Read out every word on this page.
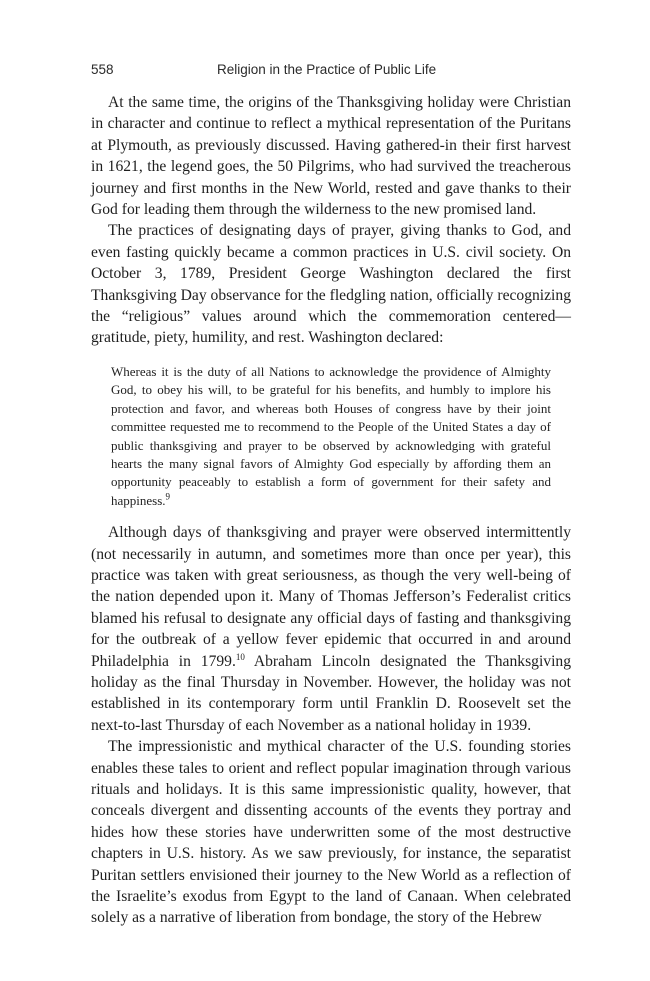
558	Religion in the Practice of Public Life

At the same time, the origins of the Thanksgiving holiday were Christian in character and continue to reflect a mythical representation of the Puritans at Plymouth, as previously discussed. Having gathered-in their first harvest in 1621, the legend goes, the 50 Pilgrims, who had survived the treacherous journey and first months in the New World, rested and gave thanks to their God for leading them through the wilderness to the new promised land.

The practices of designating days of prayer, giving thanks to God, and even fasting quickly became a common practices in U.S. civil society. On October 3, 1789, President George Washington declared the first Thanksgiving Day observance for the fledgling nation, officially recognizing the “religious” values around which the commemoration centered—gratitude, piety, humility, and rest. Washington declared:

Whereas it is the duty of all Nations to acknowledge the providence of Almighty God, to obey his will, to be grateful for his benefits, and humbly to implore his protection and favor, and whereas both Houses of congress have by their joint committee requested me to recommend to the People of the United States a day of public thanksgiving and prayer to be observed by acknowledging with grateful hearts the many signal favors of Almighty God especially by affording them an opportunity peaceably to establish a form of government for their safety and happiness.$^9$

Although days of thanksgiving and prayer were observed intermittently (not necessarily in autumn, and sometimes more than once per year), this practice was taken with great seriousness, as though the very well-being of the nation depended upon it. Many of Thomas Jefferson’s Federalist critics blamed his refusal to designate any official days of fasting and thanksgiving for the outbreak of a yellow fever epidemic that occurred in and around Philadelphia in 1799.10 Abraham Lincoln designated the Thanksgiving holiday as the final Thursday in November. However, the holiday was not established in its contemporary form until Franklin D. Roosevelt set the next-to-last Thursday of each November as a national holiday in 1939.

The impressionistic and mythical character of the U.S. founding stories enables these tales to orient and reflect popular imagination through various rituals and holidays. It is this same impressionistic quality, however, that conceals divergent and dissenting accounts of the events they portray and hides how these stories have underwritten some of the most destructive chapters in U.S. history. As we saw previously, for instance, the separatist Puritan settlers envisioned their journey to the New World as a reflection of the Israelite’s exodus from Egypt to the land of Canaan. When celebrated solely as a narrative of liberation from bondage, the story of the Hebrew
